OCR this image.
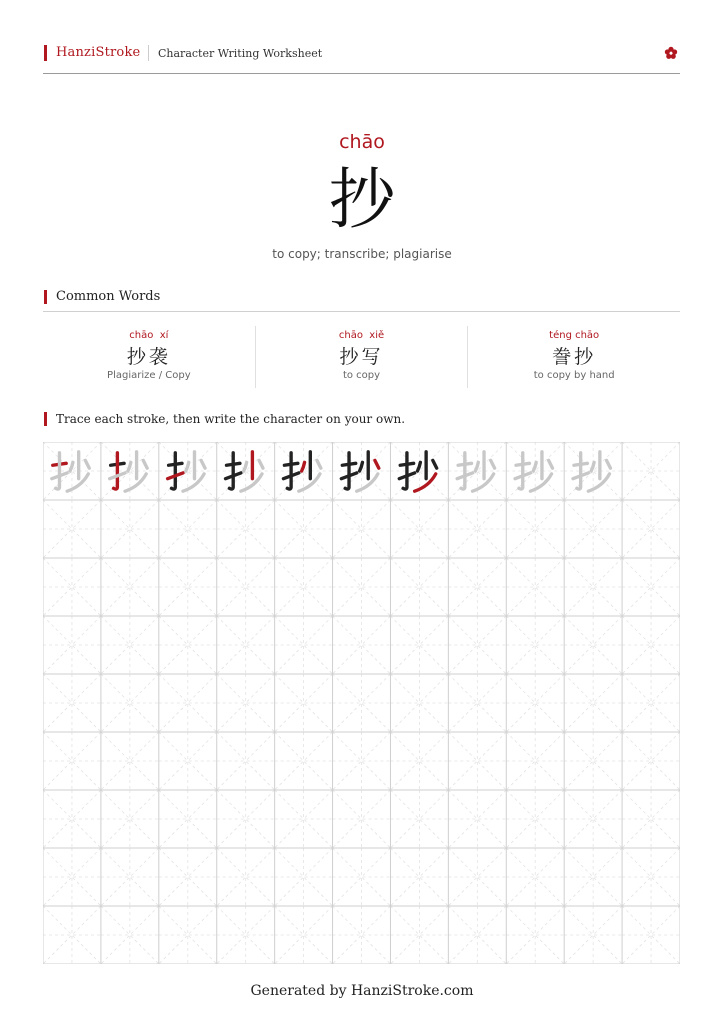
HanziStroke Character Writing Worksheet
chāo
抄
to copy; transcribe; plagiarise
Common Words
chāo  xí
抄袭
Plagiarize / Copy
chāo  xiě
抄写
to copy
téng chāo
誊抄
to copy by hand
Trace each stroke, then write the character on your own.
Generated by HanziStroke.com
